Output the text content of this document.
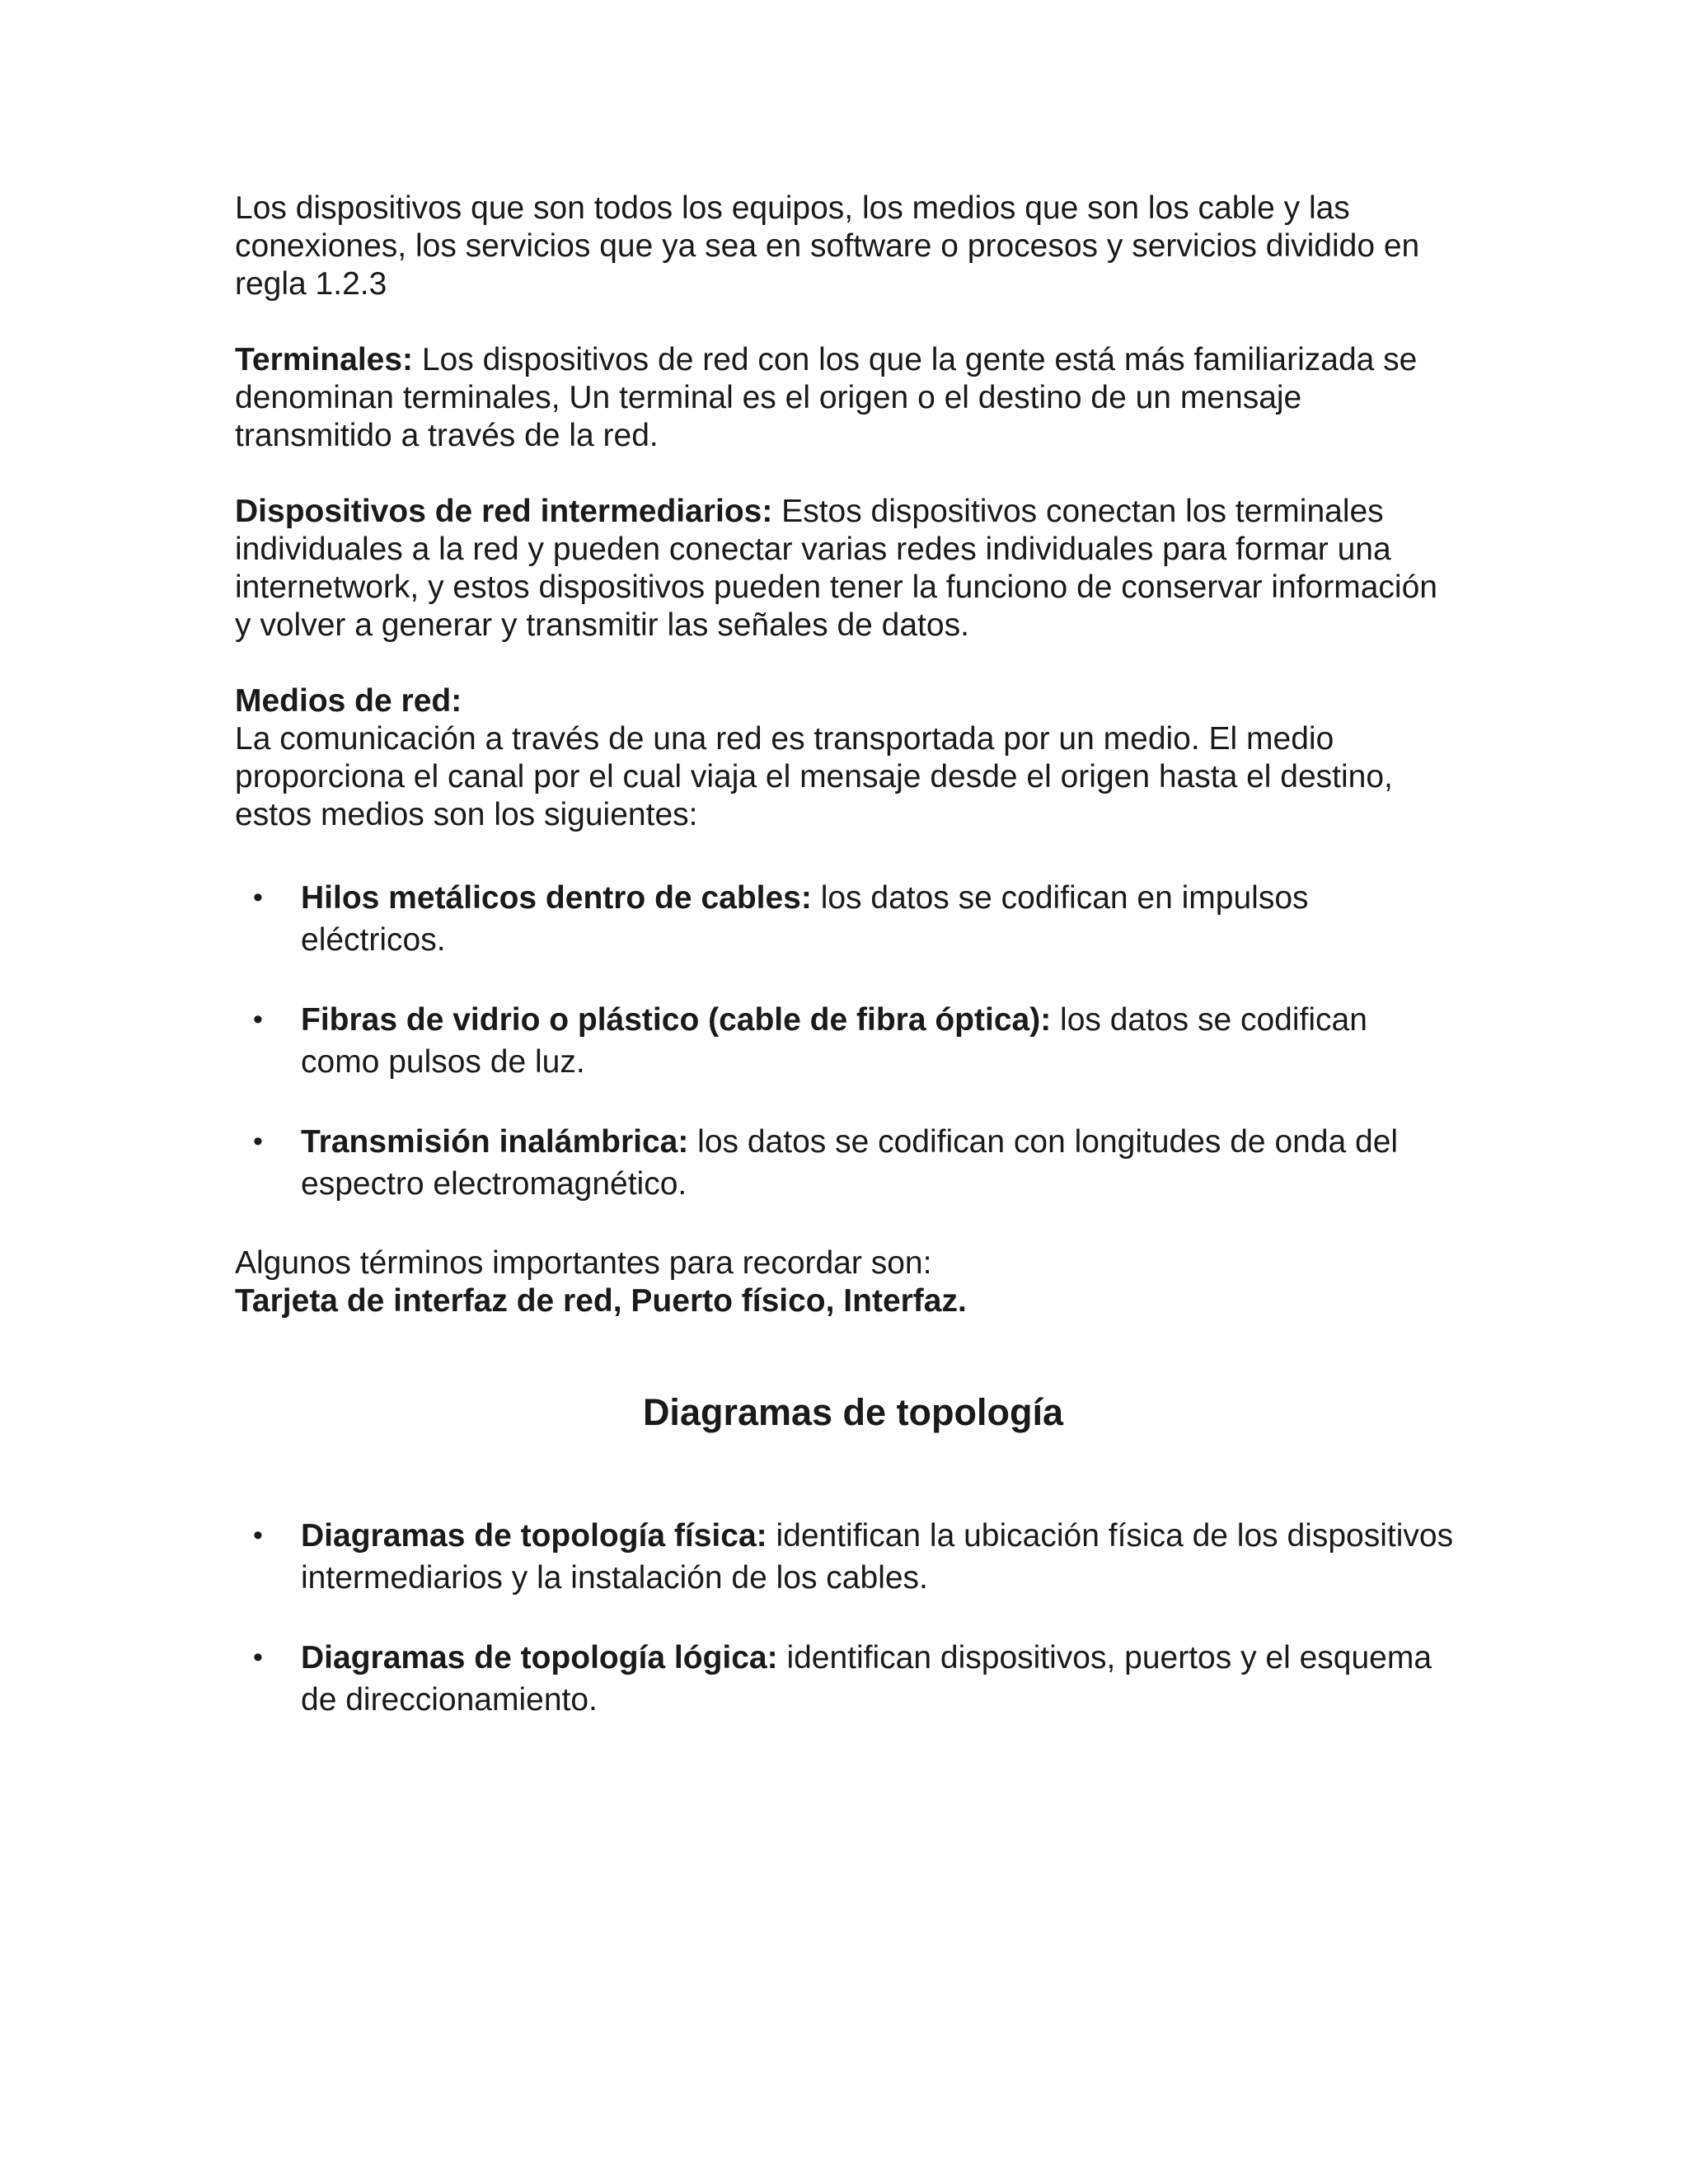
Los dispositivos que son todos los equipos, los medios que son los cable y las conexiones, los servicios que ya sea en software o procesos y servicios dividido en regla 1.2.3

Terminales: Los dispositivos de red con los que la gente está más familiarizada se denominan terminales, Un terminal es el origen o el destino de un mensaje transmitido a través de la red.

Dispositivos de red intermediarios: Estos dispositivos conectan los terminales individuales a la red y pueden conectar varias redes individuales para formar una internetwork, y estos dispositivos pueden tener la funciono de conservar información y volver a generar y transmitir las señales de datos.

Medios de red:

La comunicación a través de una red es transportada por un medio. El medio proporciona el canal por el cual viaja el mensaje desde el origen hasta el destino, estos medios son los siguientes:

• Hilos metálicos dentro de cables: los datos se codifican en impulsos eléctricos.
• Fibras de vidrio o plástico (cable de fibra óptica): los datos se codifican como pulsos de luz.
• Transmisión inalámbrica: los datos se codifican con longitudes de onda del espectro electromagnético.

Algunos términos importantes para recordar son:

Tarjeta de interfaz de red, Puerto físico, Interfaz.

Diagramas de topología
• Diagramas de topología física: identifican la ubicación física de los dispositivos intermediarios y la instalación de los cables.
• Diagramas de topología lógica: identifican dispositivos, puertos y el esquema de direccionamiento.
